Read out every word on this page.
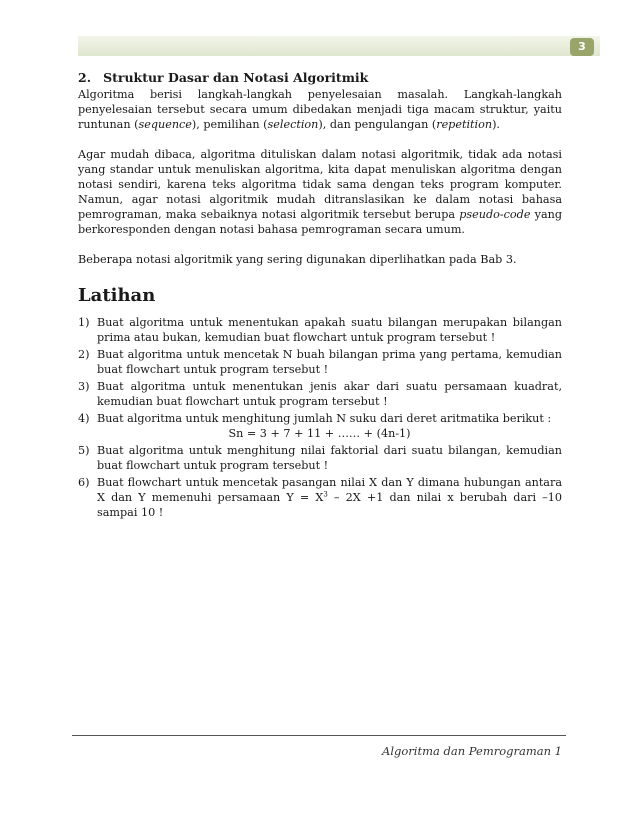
3
2. Struktur Dasar dan Notasi Algoritmik

Algoritma berisi langkah-langkah penyelesaian masalah. Langkah-langkah penyelesaian tersebut secara umum dibedakan menjadi tiga macam struktur, yaitu runtunan (sequence), pemilihan (selection), dan pengulangan (repetition).

Agar mudah dibaca, algoritma dituliskan dalam notasi algoritmik, tidak ada notasi yang standar untuk menuliskan algoritma, kita dapat menuliskan algoritma dengan notasi sendiri, karena teks algoritma tidak sama dengan teks program komputer. Namun, agar notasi algoritmik mudah ditranslasikan ke dalam notasi bahasa pemrograman, maka sebaiknya notasi algoritmik tersebut berupa pseudo-code yang berkoresponden dengan notasi bahasa pemrograman secara umum.

Beberapa notasi algoritmik yang sering digunakan diperlihatkan pada Bab 3.

Latihan
1) Buat algoritma untuk menentukan apakah suatu bilangan merupakan bilangan prima atau bukan, kemudian buat flowchart untuk program tersebut !
2) Buat algoritma untuk mencetak N buah bilangan prima yang pertama, kemudian buat flowchart untuk program tersebut !
3) Buat algoritma untuk menentukan jenis akar dari suatu persamaan kuadrat, kemudian buat flowchart untuk program tersebut !
4) Buat algoritma untuk menghitung jumlah N suku dari deret aritmatika berikut :
Sn = 3 + 7 + 11 + …… + (4n-1)
5) Buat algoritma untuk menghitung nilai faktorial dari suatu bilangan, kemudian buat flowchart untuk program tersebut !
6) Buat flowchart untuk mencetak pasangan nilai X dan Y dimana hubungan antara X dan Y memenuhi persamaan $Y = X^3 - 2X +1$ dan nilai x berubah dari –10 sampai 10 !
Algoritma dan Pemrograman 1
